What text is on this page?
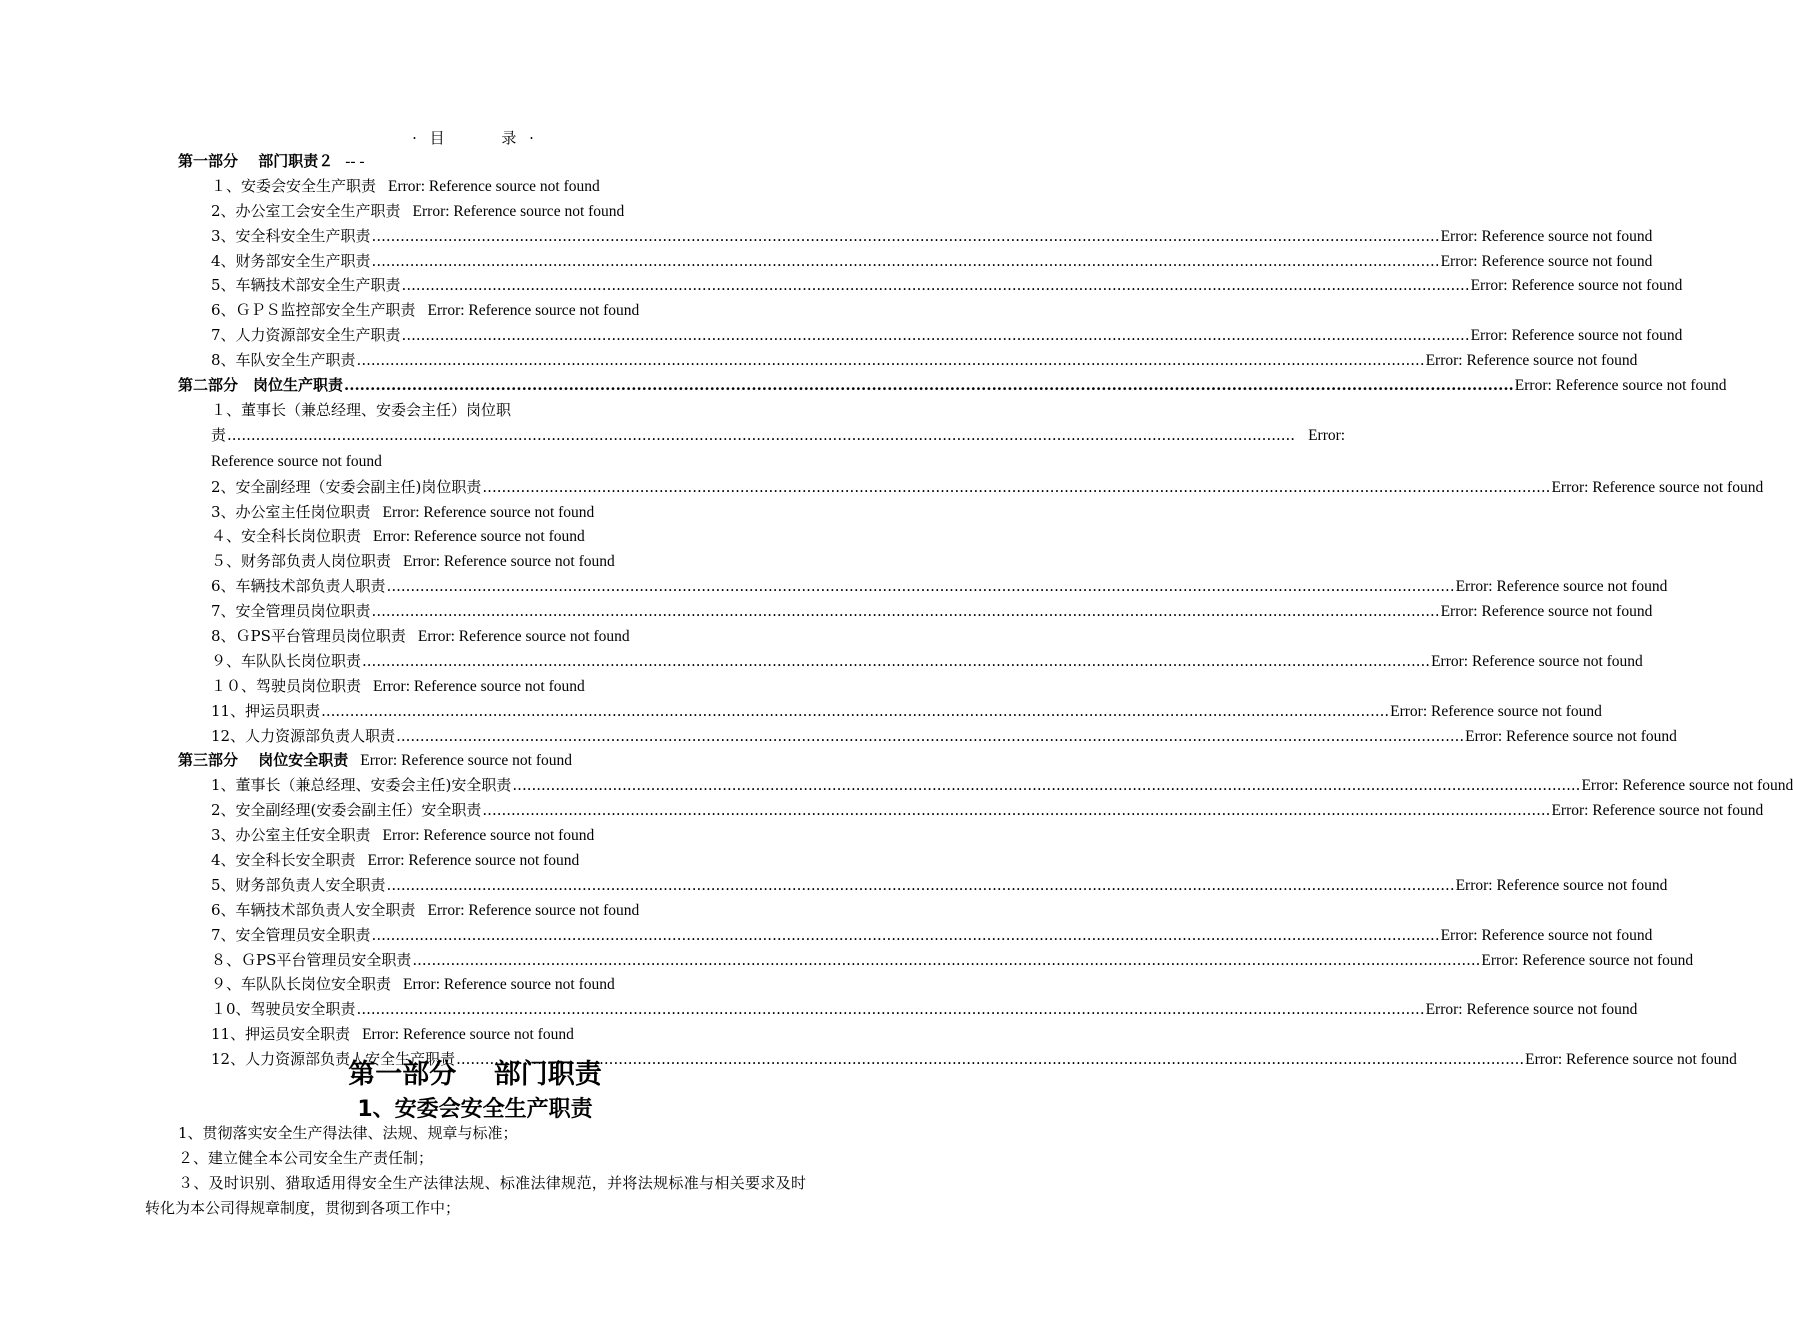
· 目	录 ·
第一部分　 部门职责２ -- -
１、安委会安全生产职责 Error: Reference source not found
2、办公室工会安全生产职责 Error: Reference source not found
3、安全科安全生产职责 .....	Error: Reference source not found
4、财务部安全生产职责 .....	Error: Reference source not found
5、车辆技术部安全生产职责 .....	Error: Reference source not found
6、ＧＰＳ监控部安全生产职责 Error: Reference source not found
7、人力资源部安全生产职责 .....	Error: Reference source not found
8、车队安全生产职责 .....	Error: Reference source not found
第二部分　岗位生产职责 .....	Error: Reference source not found
１、董事长（兼总经理、安委会主任）岗位职责 .....	Error: Reference source not found
2、安全副经理（安委会副主任)岗位职责 .....	Error: Reference source not found
3、办公室主任岗位职责 Error: Reference source not found
４、安全科长岗位职责 Error: Reference source not found
５、财务部负责人岗位职责 Error: Reference source not found
6、车辆技术部负责人职责 .....	Error: Reference source not found
7、安全管理员岗位职责 .....	Error: Reference source not found
8、ＧPS平台管理员岗位职责 Error: Reference source not found
９、车队队长岗位职责 .....	Error: Reference source not found
１０、驾驶员岗位职责 Error: Reference source not found
11、押运员职责 .....	Error: Reference source not found
12、人力资源部负责人职责 .....	Error: Reference source not found
第三部分　 岗位安全职责 Error: Reference source not found
1、董事长（兼总经理、安委会主任)安全职责 .....	Error: Reference source not found
2、安全副经理(安委会副主任）安全职责 .....	Error: Reference source not found
3、办公室主任安全职责 Error: Reference source not found
4、安全科长安全职责 Error: Reference source not found
5、财务部负责人安全职责 .....	Error: Reference source not found
6、车辆技术部负责人安全职责 Error: Reference source not found
7、安全管理员安全职责 .....	Error: Reference source not found
８、ＧPS平台管理员安全职责 .....	Error: Reference source not found
９、车队队长岗位安全职责 Error: Reference source not found
１0、驾驶员安全职责 .....	Error: Reference source not found
11、押运员安全职责 Error: Reference source not found
12、人力资源部负责人安全生产职责 .....	Error: Reference source not found
第一部分 部门职责
1、安委会安全生产职责

1、贯彻落实安全生产得法律、法规、规章与标准；

２、建立健全本公司安全生产责任制；

３、及时识别、猎取适用得安全生产法律法规、标准法律规范，并将法规标准与相关要求及时转化为本公司得规章制度，贯彻到各项工作中；
